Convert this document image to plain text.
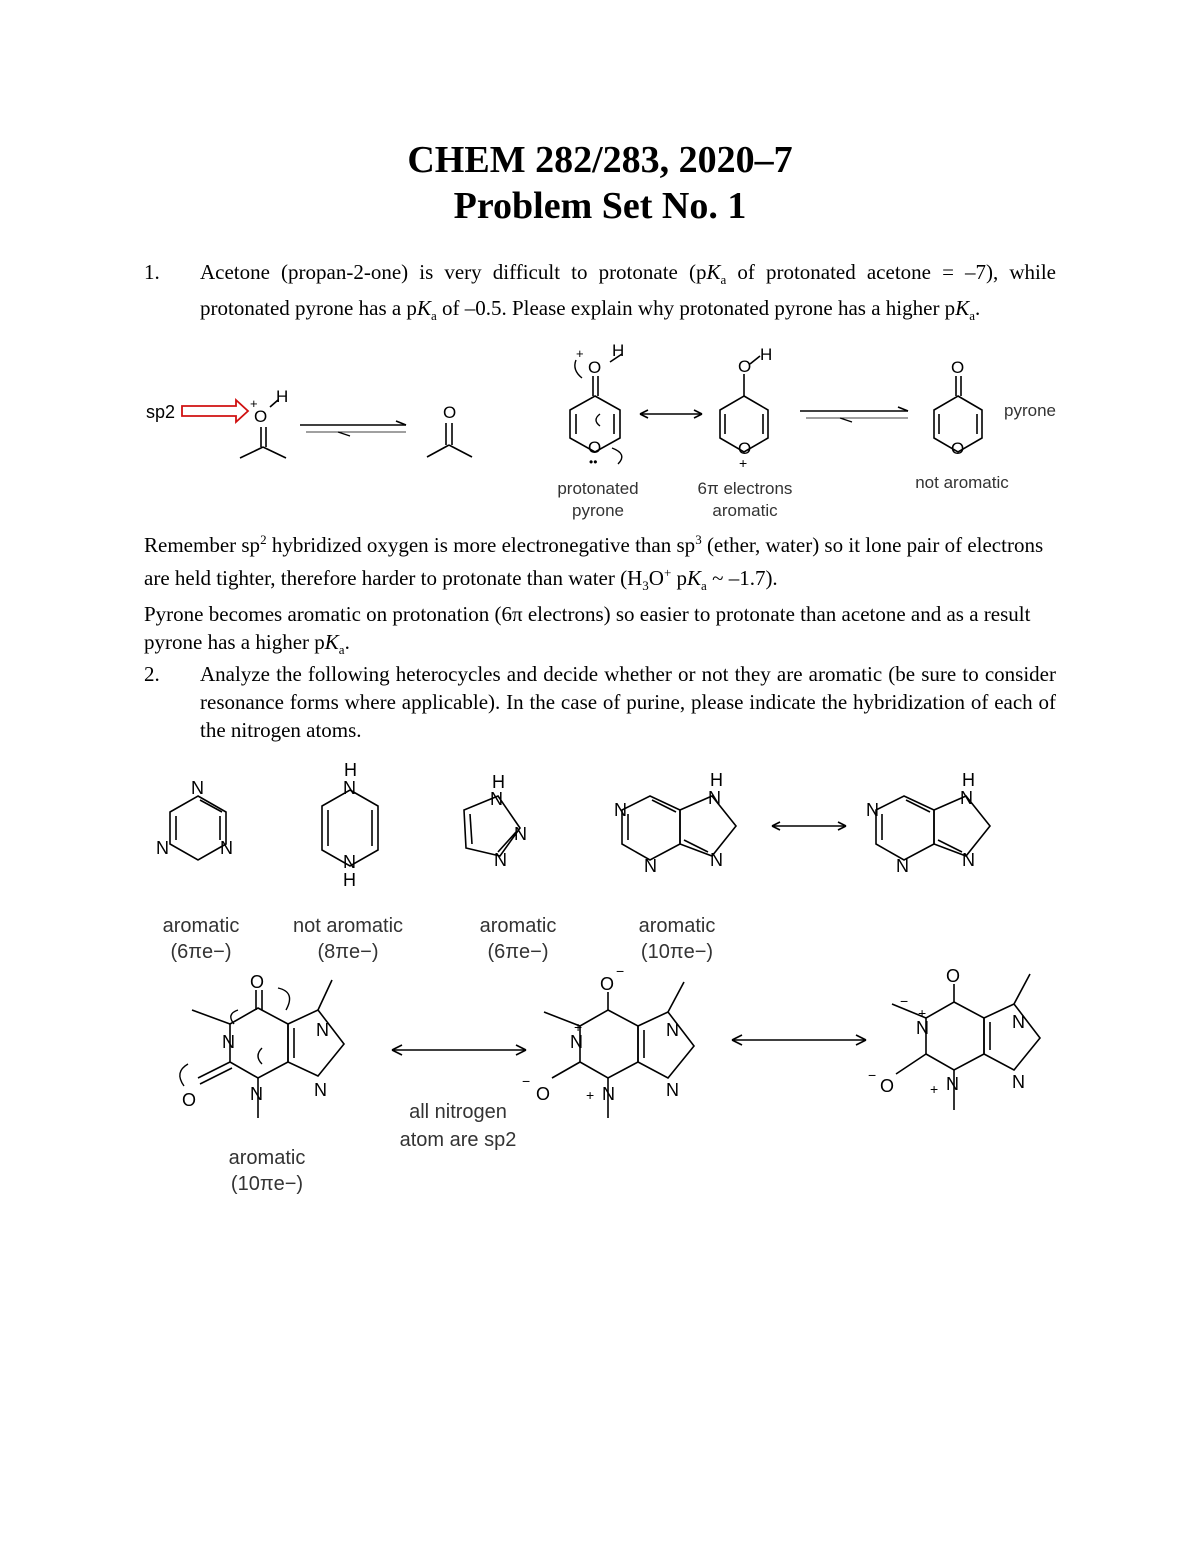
CHEM 282/283, 2020–7
Problem Set No. 1
1. Acetone (propan-2-one) is very difficult to protonate ($pK_a$ of protonated acetone = –7), while protonated pyrone has a $pK_a$ of –0.5. Please explain why protonated pyrone has a higher $pK_a$.
sp2	O
+ H
O
O
+ H
O
••
O
H
O
+
O
O
protonated
pyrone
6π electrons
aromatic
pyrone
not aromatic

Remember $sp^2$ hybridized oxygen is more electronegative than $sp^3$ (ether, water) so it lone pair of electrons are held tighter, therefore harder to protonate than water ($H_3O^+$ $pK_a$ ~ –1.7).

Pyrone becomes aromatic on protonation (6π electrons) so easier to protonate than acetone and as a result pyrone has a higher $pK_a$.

2. Analyze the following heterocycles and decide whether or not they are aromatic (be sure to consider resonance forms where applicable). In the case of purine, please indicate the hybridization of each of the nitrogen atoms.
N
N	N
H
N
N
H
H
N
N
N
H
N
N
N	N
H
N
N
N	N
O
N
O	N
N
N
O
−
N
+
O
−
N
+
N
N
O
N
+
−
O
−	N
+
N
N
aromatic
(6πe−)
not aromatic
(8πe−)
aromatic
(6πe−)
aromatic
(10πe−)
aromatic
(10πe−)
all nitrogen
atom are sp2
